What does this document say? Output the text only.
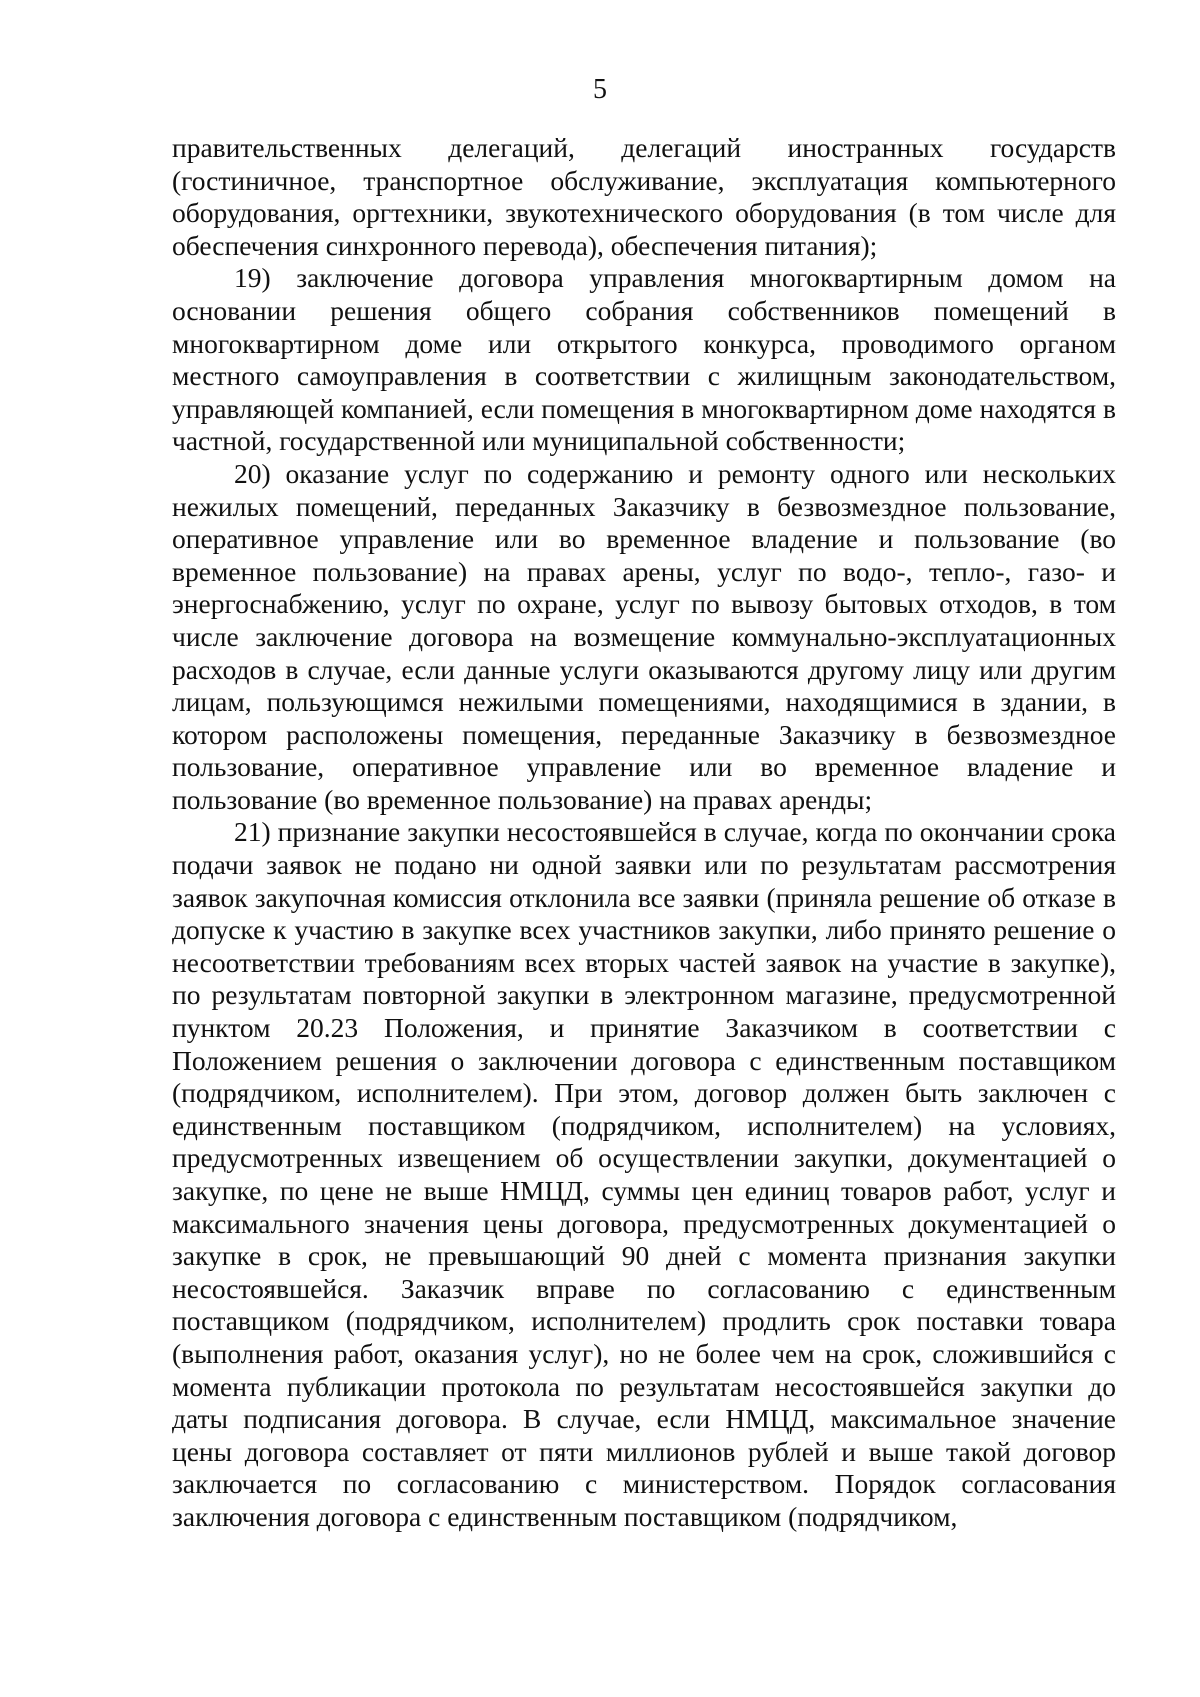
5

правительственных делегаций, делегаций иностранных государств (гостиничное, транспортное обслуживание, эксплуатация компьютерного оборудования, оргтехники, звукотехнического оборудования (в том числе для обеспечения синхронного перевода), обеспечения питания);

19) заключение договора управления многоквартирным домом на основании решения общего собрания собственников помещений в многоквартирном доме или открытого конкурса, проводимого органом местного самоуправления в соответствии с жилищным законодательством, управляющей компанией, если помещения в многоквартирном доме находятся в частной, государственной или муниципальной собственности;

20) оказание услуг по содержанию и ремонту одного или нескольких нежилых помещений, переданных Заказчику в безвозмездное пользование, оперативное управление или во временное владение и пользование (во временное пользование) на правах арены, услуг по водо-, тепло-, газо- и энергоснабжению, услуг по охране, услуг по вывозу бытовых отходов, в том числе заключение договора на возмещение коммунально-эксплуатационных расходов в случае, если данные услуги оказываются другому лицу или другим лицам, пользующимся нежилыми помещениями, находящимися в здании, в котором расположены помещения, переданные Заказчику в безвозмездное пользование, оперативное управление или во временное владение и пользование (во временное пользование) на правах аренды;

21) признание закупки несостоявшейся в случае, когда по окончании срока подачи заявок не подано ни одной заявки или по результатам рассмотрения заявок закупочная комиссия отклонила все заявки (приняла решение об отказе в допуске к участию в закупке всех участников закупки, либо принято решение о несоответствии требованиям всех вторых частей заявок на участие в закупке), по результатам повторной закупки в электронном магазине, предусмотренной пунктом 20.23 Положения, и принятие Заказчиком в соответствии с Положением решения о заключении договора с единственным поставщиком (подрядчиком, исполнителем). При этом, договор должен быть заключен с единственным поставщиком (подрядчиком, исполнителем) на условиях, предусмотренных извещением об осуществлении закупки, документацией о закупке, по цене не выше НМЦД, суммы цен единиц товаров работ, услуг и максимального значения цены договора, предусмотренных документацией о закупке в срок, не превышающий 90 дней с момента признания закупки несостоявшейся. Заказчик вправе по согласованию с единственным поставщиком (подрядчиком, исполнителем) продлить срок поставки товара (выполнения работ, оказания услуг), но не более чем на срок, сложившийся с момента публикации протокола по результатам несостоявшейся закупки до даты подписания договора. В случае, если НМЦД, максимальное значение цены договора составляет от пяти миллионов рублей и выше такой договор заключается по согласованию с министерством. Порядок согласования заключения договора с единственным поставщиком (подрядчиком,
